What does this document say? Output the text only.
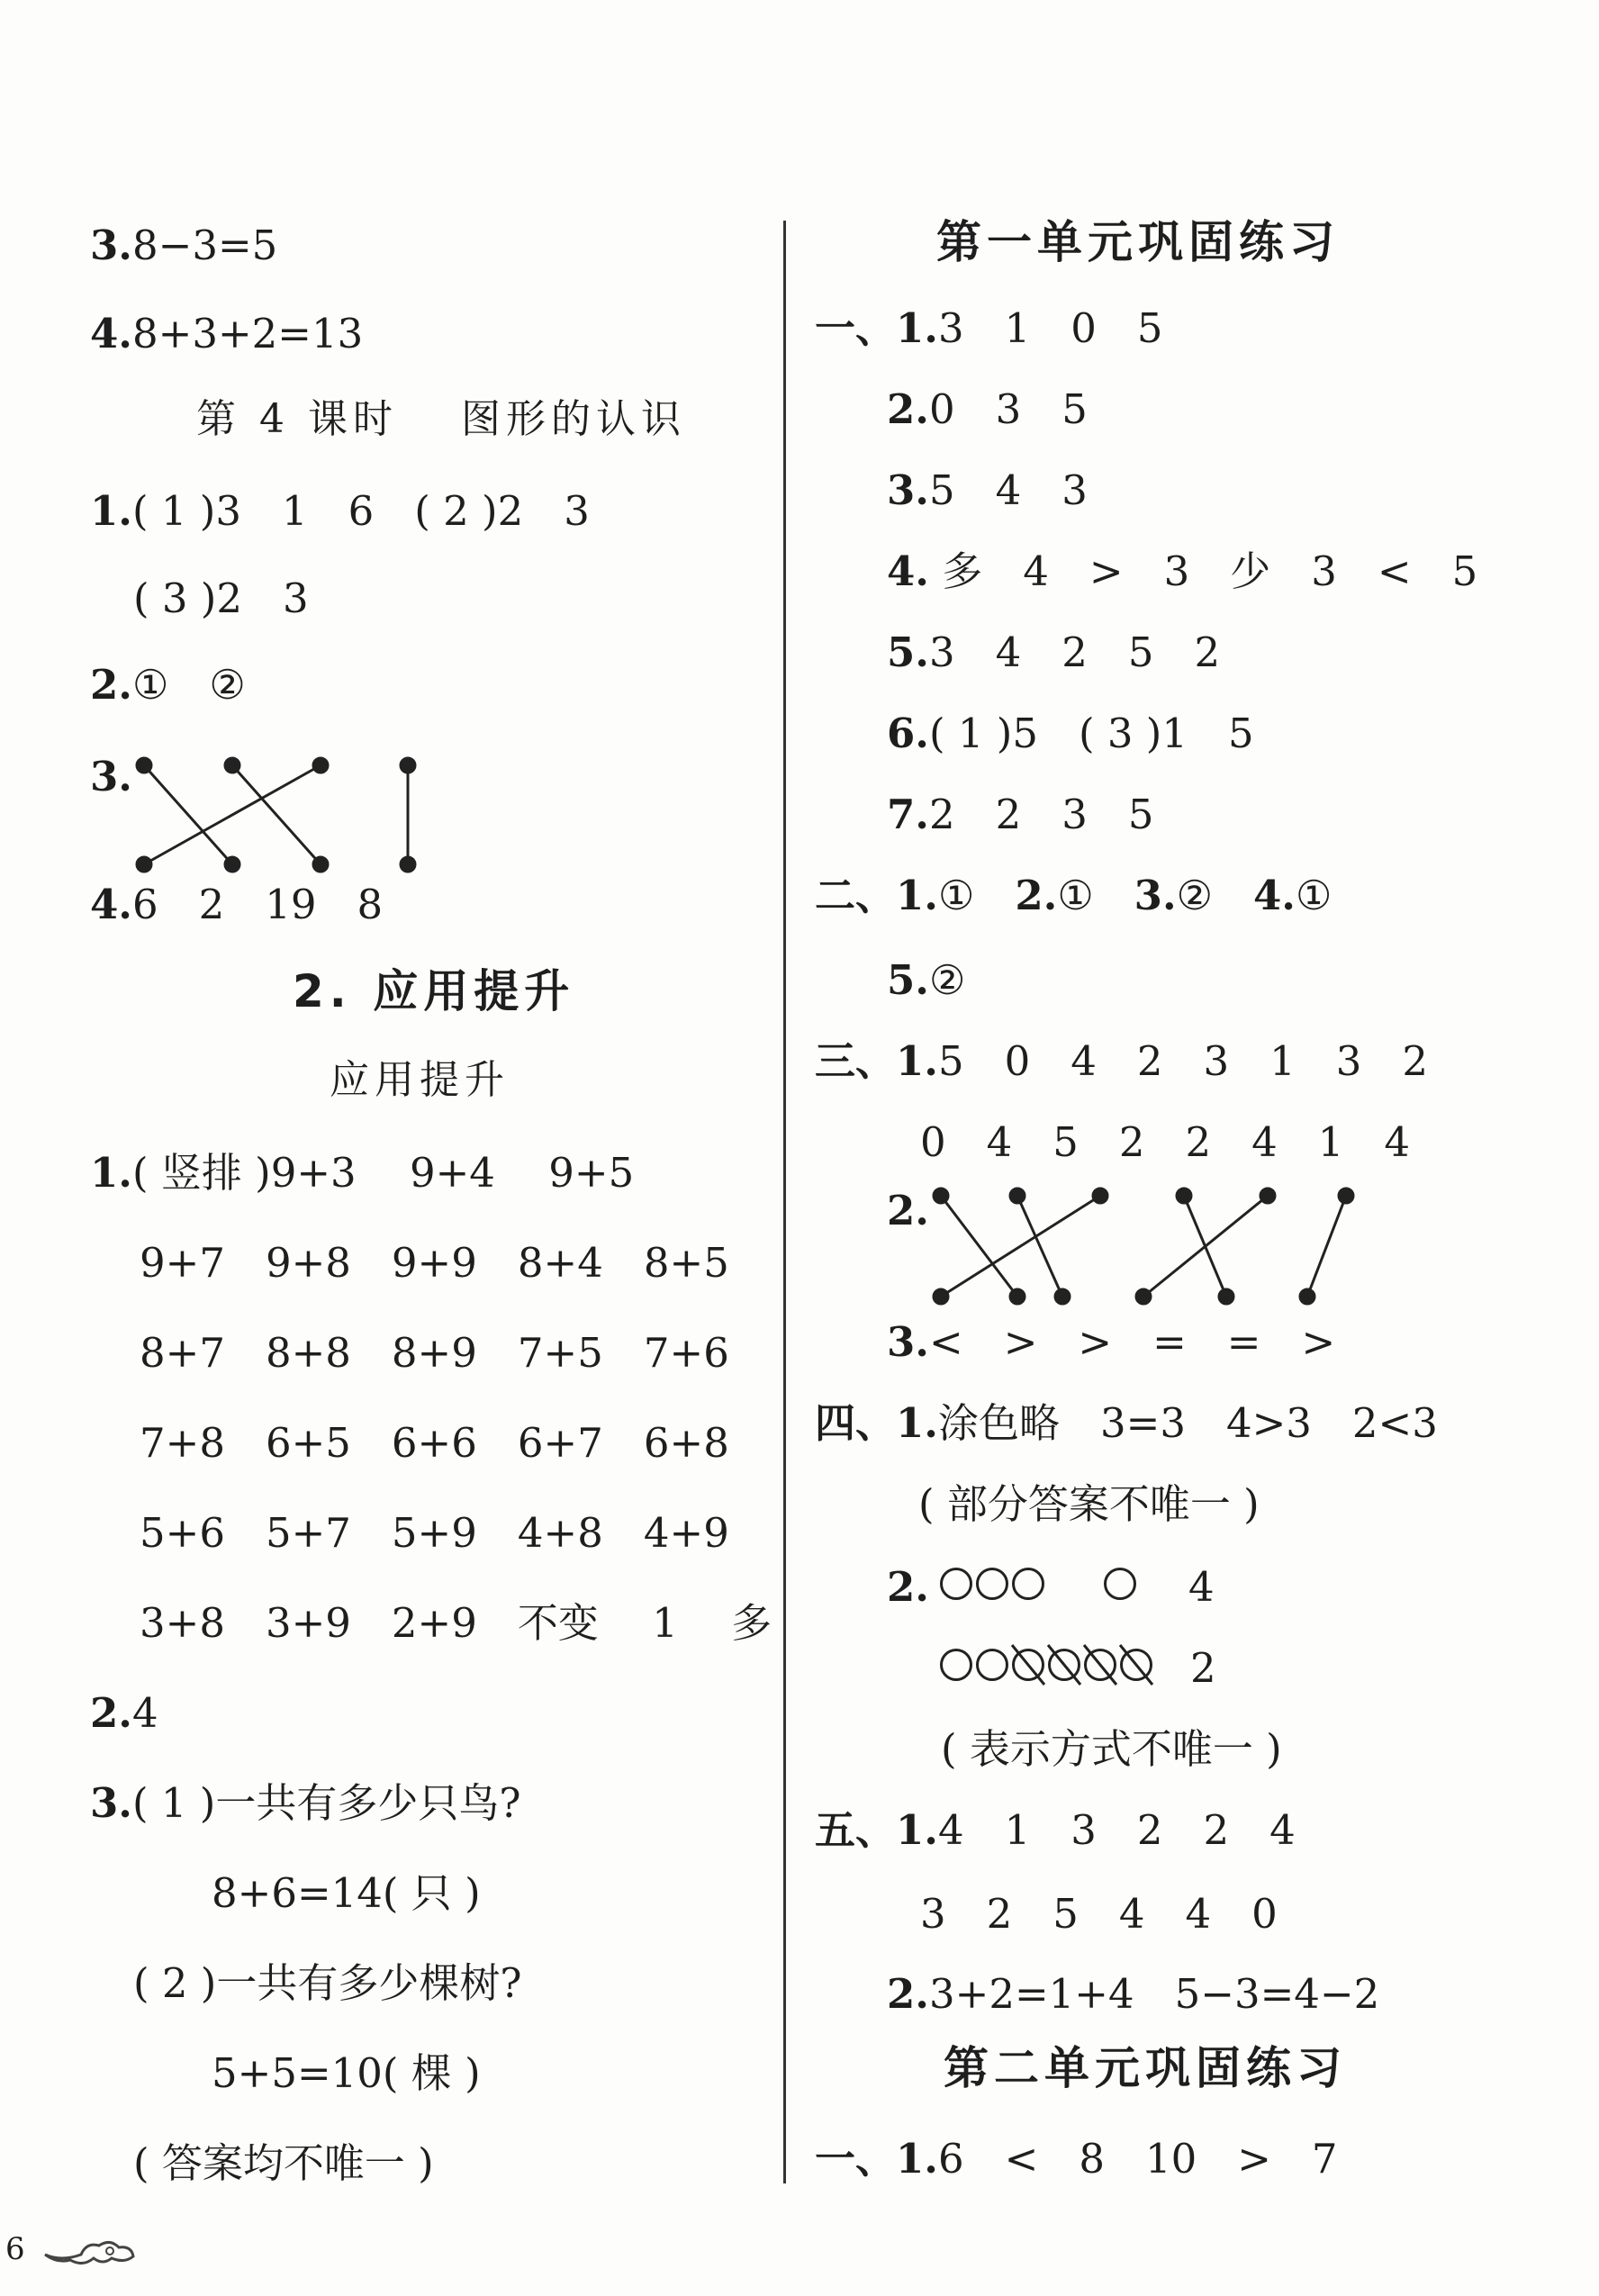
3.8−3=5
4.8+3+2=13
第 4 课时　 图形的认识
1.( 1 )3　1　6　( 2 )2　3
( 3 )2　3
2.①　②
3.
4.6　2　19　8
2. 应用提升
应用提升
1.( 竖排 )9+3　 9+4　 9+5
9+7　9+8　9+9　8+4　8+5
8+7　8+8　8+9　7+5　7+6
7+8　6+5　6+6　6+7　6+8
5+6　5+7　5+9　4+8　4+9
3+8　3+9　2+9　不变　 1　 多
2.4
3.( 1 )一共有多少只鸟?
8+6=14( 只 )
( 2 )一共有多少棵树?
5+5=10( 棵 )
( 答案均不唯一 )
第一单元巩固练习
一、1.3　1　0　5
2.0　3　5
3.5　4　3
4. 多　4　>　3　少　3　<　5
5.3　4　2　5　2
6.( 1 )5　( 3 )1　5
7.2　2　3　5
二、1.①　2.①　3.②　4.①
5.②
三、1.5　0　4　2　3　1　3　2
0　4　5　2　2　4　1　4
2.
3.<　>　>　=　=　>
四、1.涂色略　3=3　4>3　2<3
( 部分答案不唯一 )
2.	4
2
( 表示方式不唯一 )
五、1.4　1　3　2　2　4
3　2　5　4　4　0
2.3+2=1+4　5−3=4−2
第二单元巩固练习
一、1.6　<　8　10　>　7
6
